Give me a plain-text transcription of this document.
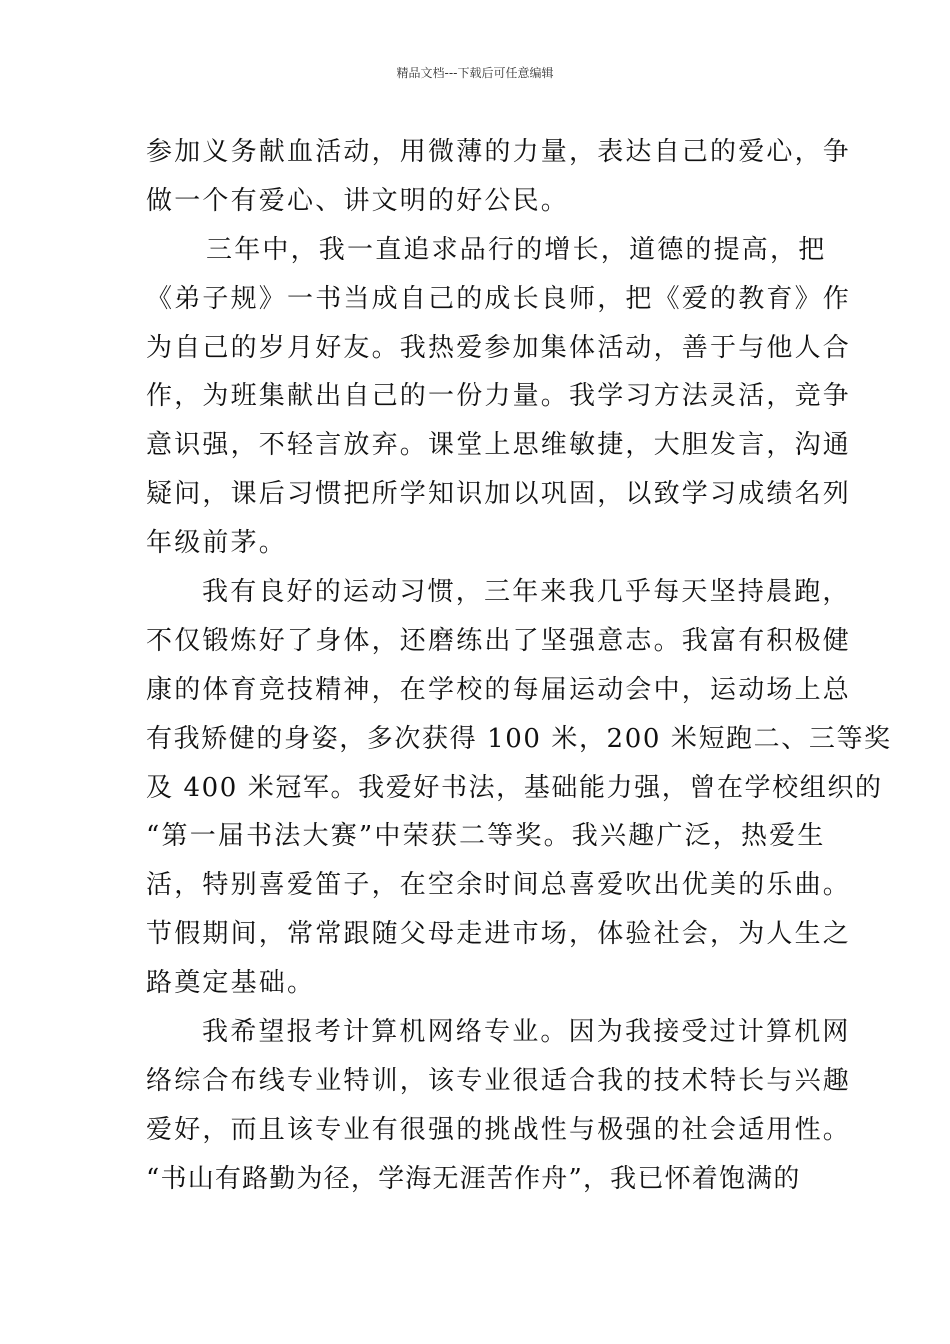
精品文档---下载后可任意编辑
参加义务献血活动，用微薄的力量，表达自己的爱心，争
做一个有爱心、讲文明的好公民。
三年中，我一直追求品行的增长，道德的提高，把
《弟子规》一书当成自己的成长良师，把《爱的教育》作
为自己的岁月好友。我热爱参加集体活动，善于与他人合
作，为班集献出自己的一份力量。我学习方法灵活，竞争
意识强，不轻言放弃。课堂上思维敏捷，大胆发言，沟通
疑问，课后习惯把所学知识加以巩固，以致学习成绩名列
年级前茅。
我有良好的运动习惯，三年来我几乎每天坚持晨跑，
不仅锻炼好了身体，还磨练出了坚强意志。我富有积极健
康的体育竞技精神，在学校的每届运动会中，运动场上总
有我矫健的身姿，多次获得 100 米，200 米短跑二、三等奖
及 400 米冠军。我爱好书法，基础能力强，曾在学校组织的
“第一届书法大赛”中荣获二等奖。我兴趣广泛，热爱生
活，特别喜爱笛子，在空余时间总喜爱吹出优美的乐曲。
节假期间，常常跟随父母走进市场，体验社会，为人生之
路奠定基础。
我希望报考计算机网络专业。因为我接受过计算机网
络综合布线专业特训，该专业很适合我的技术特长与兴趣
爱好，而且该专业有很强的挑战性与极强的社会适用性。
“书山有路勤为径，学海无涯苦作舟”，我已怀着饱满的
